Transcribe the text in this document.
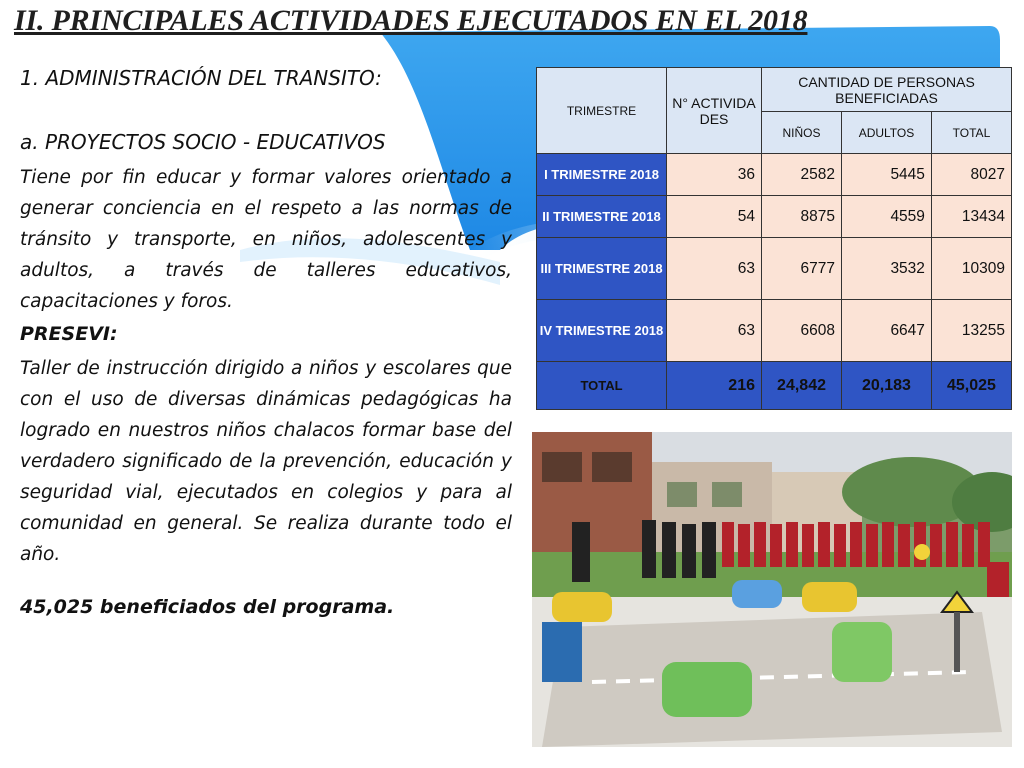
II. PRINCIPALES ACTIVIDADES EJECUTADOS EN EL 2018
1. ADMINISTRACIÓN DEL TRANSITO:
a. PROYECTOS SOCIO - EDUCATIVOS
Tiene por fin educar y formar valores orientado a generar conciencia en el respeto a las normas de tránsito y transporte, en niños, adolescentes y adultos, a través de talleres educativos, capacitaciones y foros.
PRESEVI:
Taller de instrucción dirigido a niños y escolares que con el uso de diversas dinámicas pedagógicas ha logrado en nuestros niños chalacos formar base del verdadero significado de la prevención, educación y seguridad vial, ejecutados en colegios y para al comunidad en general. Se realiza durante todo el año.
45,025 beneficiados del programa.
TRIMESTRE	N° ACTIVIDA DES	CANTIDAD DE PERSONAS BENEFICIADAS		
		NIÑOS	ADULTOS	TOTAL
I TRIMESTRE 2018	36	2582	5445	8027
II TRIMESTRE 2018	54	8875	4559	13434
III TRIMESTRE 2018	63	6777	3532	10309
IV TRIMESTRE 2018	63	6608	6647	13255
TOTAL	216	24,842	20,183	45,025
